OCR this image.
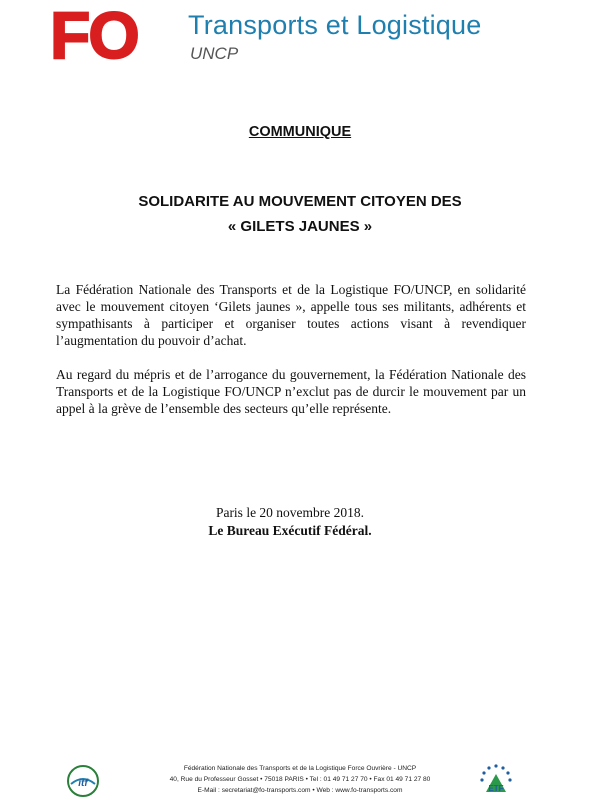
FO Transports et Logistique
UNCP
COMMUNIQUE
SOLIDARITE AU MOUVEMENT CITOYEN DES
« GILETS JAUNES »

La Fédération Nationale des Transports et de la Logistique FO/UNCP, en solidarité avec le mouvement citoyen ‘Gilets jaunes », appelle tous ses militants, adhérents et sympathisants à participer et organiser toutes actions visant à revendiquer l’augmentation du pouvoir d’achat.

Au regard du mépris et de l’arrogance du gouvernement, la Fédération Nationale des Transports et de la Logistique FO/UNCP n’exclut pas de durcir le mouvement par un appel à la grève de l’ensemble des secteurs qu’elle représente.

Paris le 20 novembre 2018.
Le Bureau Exécutif Fédéral.
itf
Fédération Nationale des Transports et de la Logistique Force Ouvrière - UNCP
40, Rue du Professeur Gosset • 75018 PARIS • Tel : 01 49 71 27 70 • Fax 01 49 71 27 80
E-Mail : secretariat@fo-transports.com • Web : www.fo-transports.com	ETF
